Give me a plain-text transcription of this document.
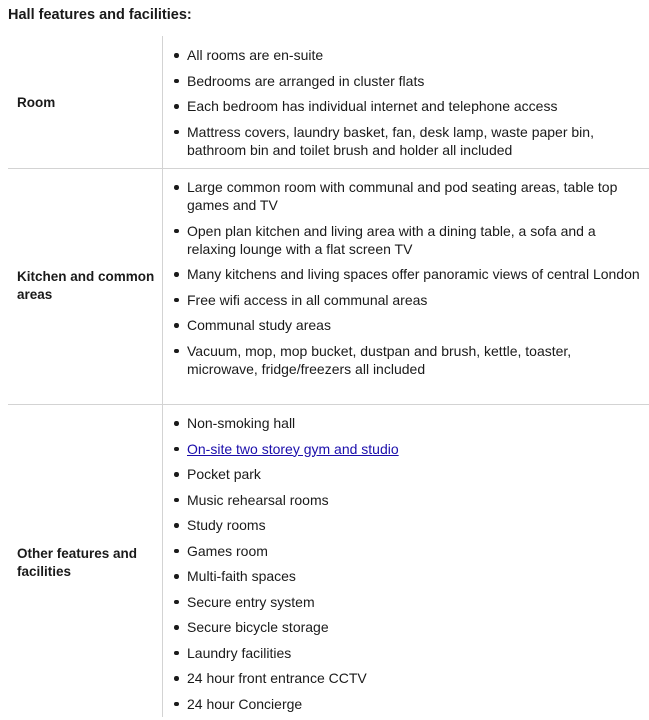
Hall features and facilities:
Room
All rooms are en-suite
Bedrooms are arranged in cluster flats
Each bedroom has individual internet and telephone access
Mattress covers, laundry basket, fan, desk lamp, waste paper bin, bathroom bin and toilet brush and holder all included
Kitchen and common areas
Large common room with communal and pod seating areas, table top games and TV
Open plan kitchen and living area with a dining table, a sofa and a relaxing lounge with a flat screen TV
Many kitchens and living spaces offer panoramic views of central London
Free wifi access in all communal areas
Communal study areas
Vacuum, mop, mop bucket, dustpan and brush, kettle, toaster, microwave, fridge/freezers all included
Other features and facilities
Non-smoking hall
On-site two storey gym and studio
Pocket park
Music rehearsal rooms
Study rooms
Games room
Multi-faith spaces
Secure entry system
Secure bicycle storage
Laundry facilities
24 hour front entrance CCTV
24 hour Concierge
